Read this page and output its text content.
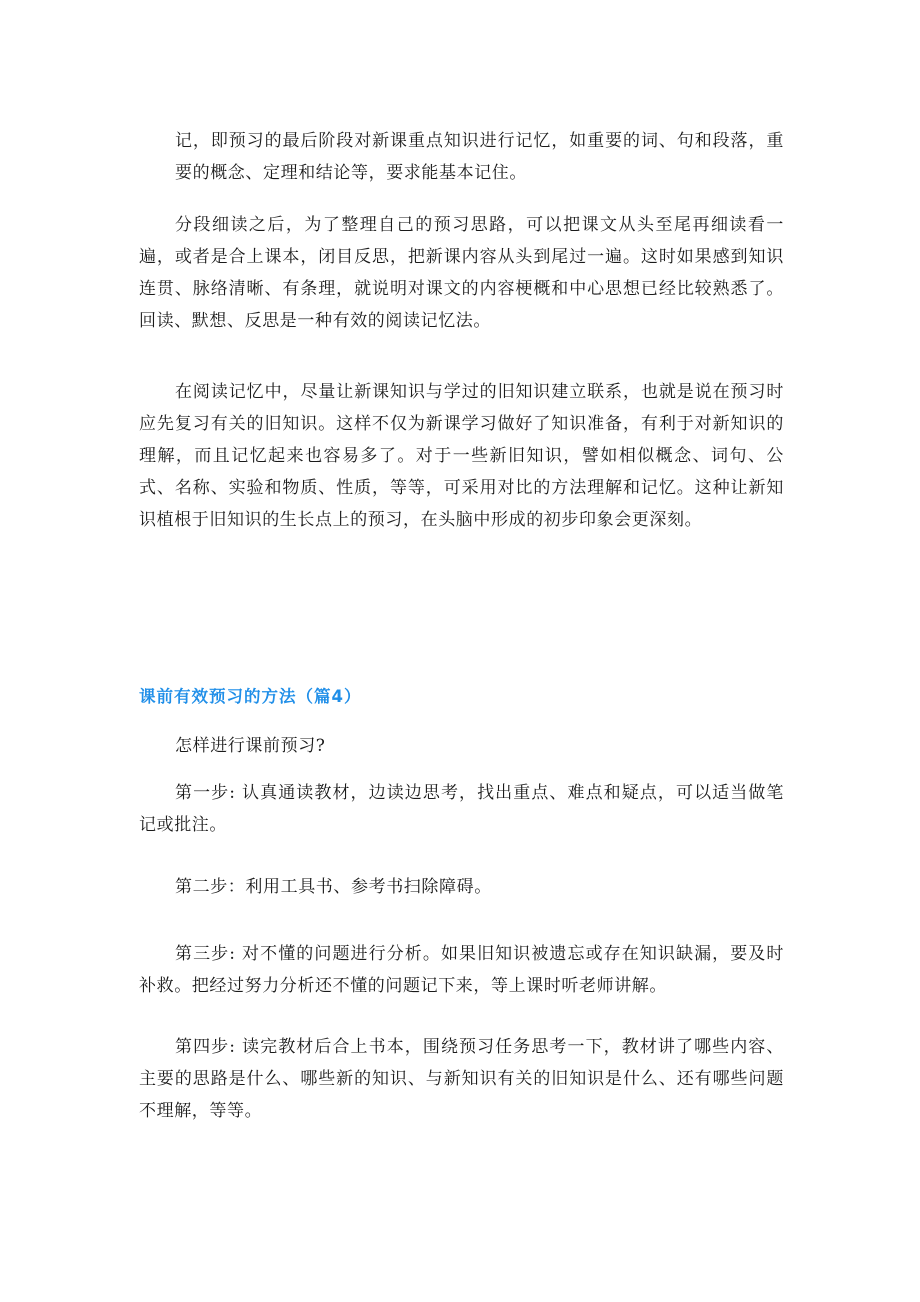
记，即预习的最后阶段对新课重点知识进行记忆，如重要的词、句和段落，重要的概念、定理和结论等，要求能基本记住。

分段细读之后，为了整理自己的预习思路，可以把课文从头至尾再细读看一遍，或者是合上课本，闭目反思，把新课内容从头到尾过一遍。这时如果感到知识连贯、脉络清晰、有条理，就说明对课文的内容梗概和中心思想已经比较熟悉了。回读、默想、反思是一种有效的阅读记忆法。

在阅读记忆中，尽量让新课知识与学过的旧知识建立联系，也就是说在预习时应先复习有关的旧知识。这样不仅为新课学习做好了知识准备，有利于对新知识的理解，而且记忆起来也容易多了。对于一些新旧知识，譬如相似概念、词句、公式、名称、实验和物质、性质，等等，可采用对比的方法理解和记忆。这种让新知识植根于旧知识的生长点上的预习，在头脑中形成的初步印象会更深刻。

课前有效预习的方法（篇4）

怎样进行课前预习?

第一步: 认真通读教材，边读边思考，找出重点、难点和疑点，可以适当做笔记或批注。

第二步：利用工具书、参考书扫除障碍。

第三步: 对不懂的问题进行分析。如果旧知识被遗忘或存在知识缺漏，要及时补救。把经过努力分析还不懂的问题记下来，等上课时听老师讲解。

第四步: 读完教材后合上书本，围绕预习任务思考一下，教材讲了哪些内容、主要的思路是什么、哪些新的知识、与新知识有关的旧知识是什么、还有哪些问题不理解，等等。
